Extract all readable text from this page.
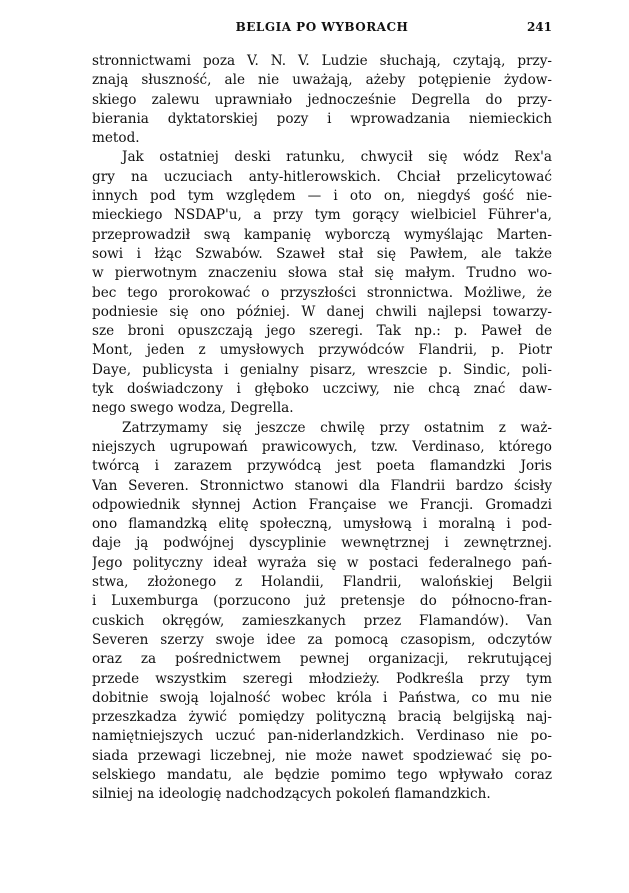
BELGIA PO WYBORACH	241

stronnictwami poza V. N. V. Ludzie słuchają, czytają, przy-
znają słuszność, ale nie uważają, ażeby potępienie żydow-
skiego zalewu uprawniało jednocześnie Degrella do przy-
bierania dyktatorskiej pozy i wprowadzania niemieckich
metod.

Jak ostatniej deski ratunku, chwycił się wódz Rex'a
gry na uczuciach anty-hitlerowskich. Chciał przelicytować
innych pod tym względem — i oto on, niegdyś gość nie-
mieckiego NSDAP'u, a przy tym gorący wielbiciel Führer'a,
przeprowadził swą kampanię wyborczą wymyślając Marten-
sowi i łżąc Szwabów. Szaweł stał się Pawłem, ale także
w pierwotnym znaczeniu słowa stał się małym. Trudno wo-
bec tego prorokować o przyszłości stronnictwa. Możliwe, że
podniesie się ono później. W danej chwili najlepsi towarzy-
sze broni opuszczają jego szeregi. Tak np.: p. Paweł de
Mont, jeden z umysłowych przywódców Flandrii, p. Piotr
Daye, publicysta i genialny pisarz, wreszcie p. Sindic, poli-
tyk doświadczony i głęboko uczciwy, nie chcą znać daw-
nego swego wodza, Degrella.

Zatrzymamy się jeszcze chwilę przy ostatnim z waż-
niejszych ugrupowań prawicowych, tzw. Verdinaso, którego
twórcą i zarazem przywódcą jest poeta flamandzki Joris
Van Severen. Stronnictwo stanowi dla Flandrii bardzo ścisły
odpowiednik słynnej Action Française we Francji. Gromadzi
ono flamandzką elitę społeczną, umysłową i moralną i pod-
daje ją podwójnej dyscyplinie wewnętrznej i zewnętrznej.
Jego polityczny ideał wyraża się w postaci federalnego pań-
stwa, złożonego z Holandii, Flandrii, walońskiej Belgii
i Luxemburga (porzucono już pretensje do północno-fran-
cuskich okręgów, zamieszkanych przez Flamandów). Van
Severen szerzy swoje idee za pomocą czasopism, odczytów
oraz za pośrednictwem pewnej organizacji, rekrutującej
przede wszystkim szeregi młodzieży. Podkreśla przy tym
dobitnie swoją lojalność wobec króla i Państwa, co mu nie
przeszkadza żywić pomiędzy polityczną bracią belgijską naj-
namiętniejszych uczuć pan-niderlandzkich. Verdinaso nie po-
siada przewagi liczebnej, nie może nawet spodziewać się po-
selskiego mandatu, ale będzie pomimo tego wpływało coraz
silniej na ideologię nadchodzących pokoleń flamandzkich.
